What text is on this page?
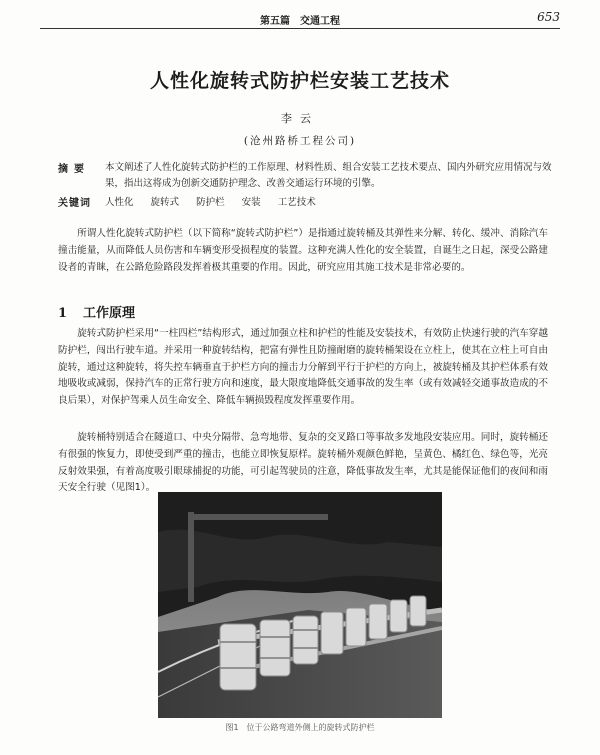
第五篇　交通工程	653
人性化旋转式防护栏安装工艺技术
李云
(沧州路桥工程公司)
摘要 本文阐述了人性化旋转式防护栏的工作原理、材料性质、组合安装工艺技术要点、国内外研究应用情况与效果，指出这将成为创新交通防护理念、改善交通运行环境的引擎。
关键词 人性化 旋转式 防护栏 安装 工艺技术

所谓人性化旋转式防护栏（以下简称“旋转式防护栏”）是指通过旋转桶及其弹性来分解、转化、缓冲、消除汽车撞击能量，从而降低人员伤害和车辆变形受损程度的装置。这种充满人性化的安全装置，自诞生之日起，深受公路建设者的青睐，在公路危险路段发挥着极其重要的作用。因此，研究应用其施工技术是非常必要的。

1 工作原理

旋转式防护栏采用“一柱四栏”结构形式，通过加强立柱和护栏的性能及安装技术，有效防止快速行驶的汽车穿越防护栏，闯出行驶车道。并采用一种旋转结构，把富有弹性且防撞耐磨的旋转桶架设在立柱上，使其在立柱上可自由旋转，通过这种旋转，将失控车辆垂直于护栏方向的撞击力分解到平行于护栏的方向上，被旋转桶及其护栏体系有效地吸收或减弱，保持汽车的正常行驶方向和速度，最大限度地降低交通事故的发生率（或有效减轻交通事故造成的不良后果），对保护驾乘人员生命安全、降低车辆损毁程度发挥重要作用。

旋转桶特别适合在隧道口、中央分隔带、急弯地带、复杂的交叉路口等事故多发地段安装应用。同时，旋转桶还有很强的恢复力，即使受到严重的撞击，也能立即恢复原样。旋转桶外观颜色鲜艳，呈黄色、橘红色、绿色等，光亮反射效果强，有着高度吸引眼球捕捉的功能，可引起驾驶员的注意，降低事故发生率，尤其是能保证他们的夜间和雨天安全行驶（见图1）。

图1　位于公路弯道外侧上的旋转式防护栏
